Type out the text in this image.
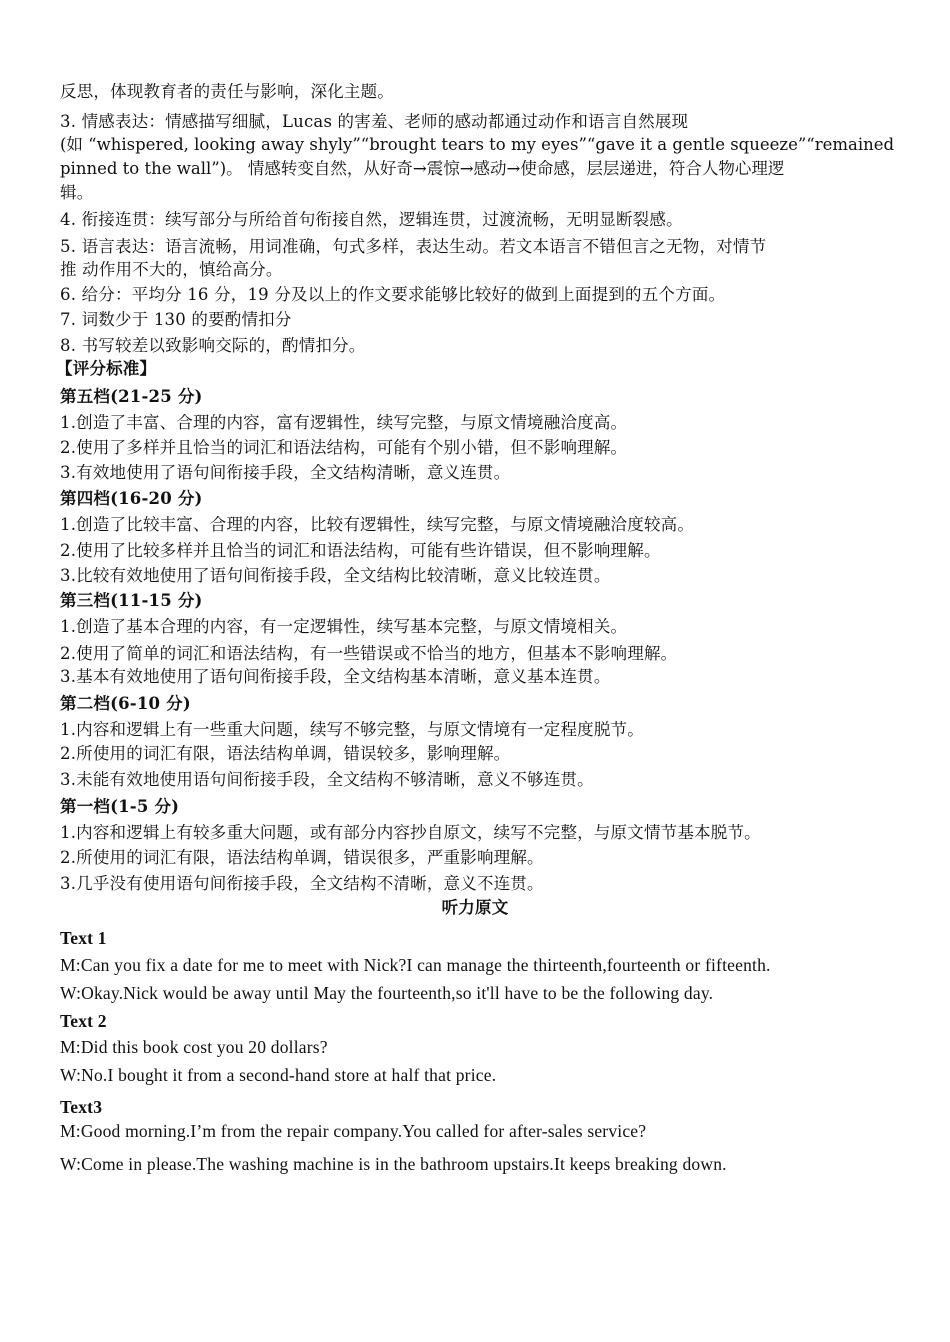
反思，体现教育者的责任与影响，深化主题。
3. 情感表达：情感描写细腻，Lucas 的害羞、老师的感动都通过动作和语言自然展现
(如 “whispered, looking away shyly”“brought tears to my eyes”“gave it a gentle squeeze”“remained
pinned to the wall”)。 情感转变自然，从好奇→震惊→感动→使命感，层层递进，符合人物心理逻
辑。
4. 衔接连贯：续写部分与所给首句衔接自然，逻辑连贯，过渡流畅，无明显断裂感。
5. 语言表达：语言流畅，用词准确，句式多样，表达生动。若文本语言不错但言之无物，对情节
推 动作用不大的，慎给高分。
6. 给分：平均分 16 分，19 分及以上的作文要求能够比较好的做到上面提到的五个方面。
7. 词数少于 130 的要酌情扣分
8. 书写较差以致影响交际的，酌情扣分。
【评分标准】
第五档(21-25 分)
1.创造了丰富、合理的内容，富有逻辑性，续写完整，与原文情境融洽度高。
2.使用了多样并且恰当的词汇和语法结构，可能有个别小错，但不影响理解。
3.有效地使用了语句间衔接手段，全文结构清晰，意义连贯。
第四档(16-20 分)
1.创造了比较丰富、合理的内容，比较有逻辑性，续写完整，与原文情境融洽度较高。
2.使用了比较多样并且恰当的词汇和语法结构，可能有些许错误，但不影响理解。
3.比较有效地使用了语句间衔接手段，全文结构比较清晰，意义比较连贯。
第三档(11-15 分)
1.创造了基本合理的内容，有一定逻辑性，续写基本完整，与原文情境相关。
2.使用了简单的词汇和语法结构，有一些错误或不恰当的地方，但基本不影响理解。
3.基本有效地使用了语句间衔接手段，全文结构基本清晰，意义基本连贯。
第二档(6-10 分)
1.内容和逻辑上有一些重大问题，续写不够完整，与原文情境有一定程度脱节。
2.所使用的词汇有限，语法结构单调，错误较多，影响理解。
3.未能有效地使用语句间衔接手段，全文结构不够清晰，意义不够连贯。
第一档(1-5 分)
1.内容和逻辑上有较多重大问题，或有部分内容抄自原文，续写不完整，与原文情节基本脱节。
2.所使用的词汇有限，语法结构单调，错误很多，严重影响理解。
3.几乎没有使用语句间衔接手段，全文结构不清晰，意义不连贯。
听力原文
Text 1
M:Can you fix a date for me to meet with Nick?I can manage the thirteenth,fourteenth or fifteenth.
W:Okay.Nick would be away until May the fourteenth,so it'll have to be the following day.
Text 2
M:Did this book cost you 20 dollars?
W:No.I bought it from a second-hand store at half that price.
Text3
M:Good morning.I’m from the repair company.You called for after-sales service?
W:Come in please.The washing machine is in the bathroom upstairs.It keeps breaking down.
